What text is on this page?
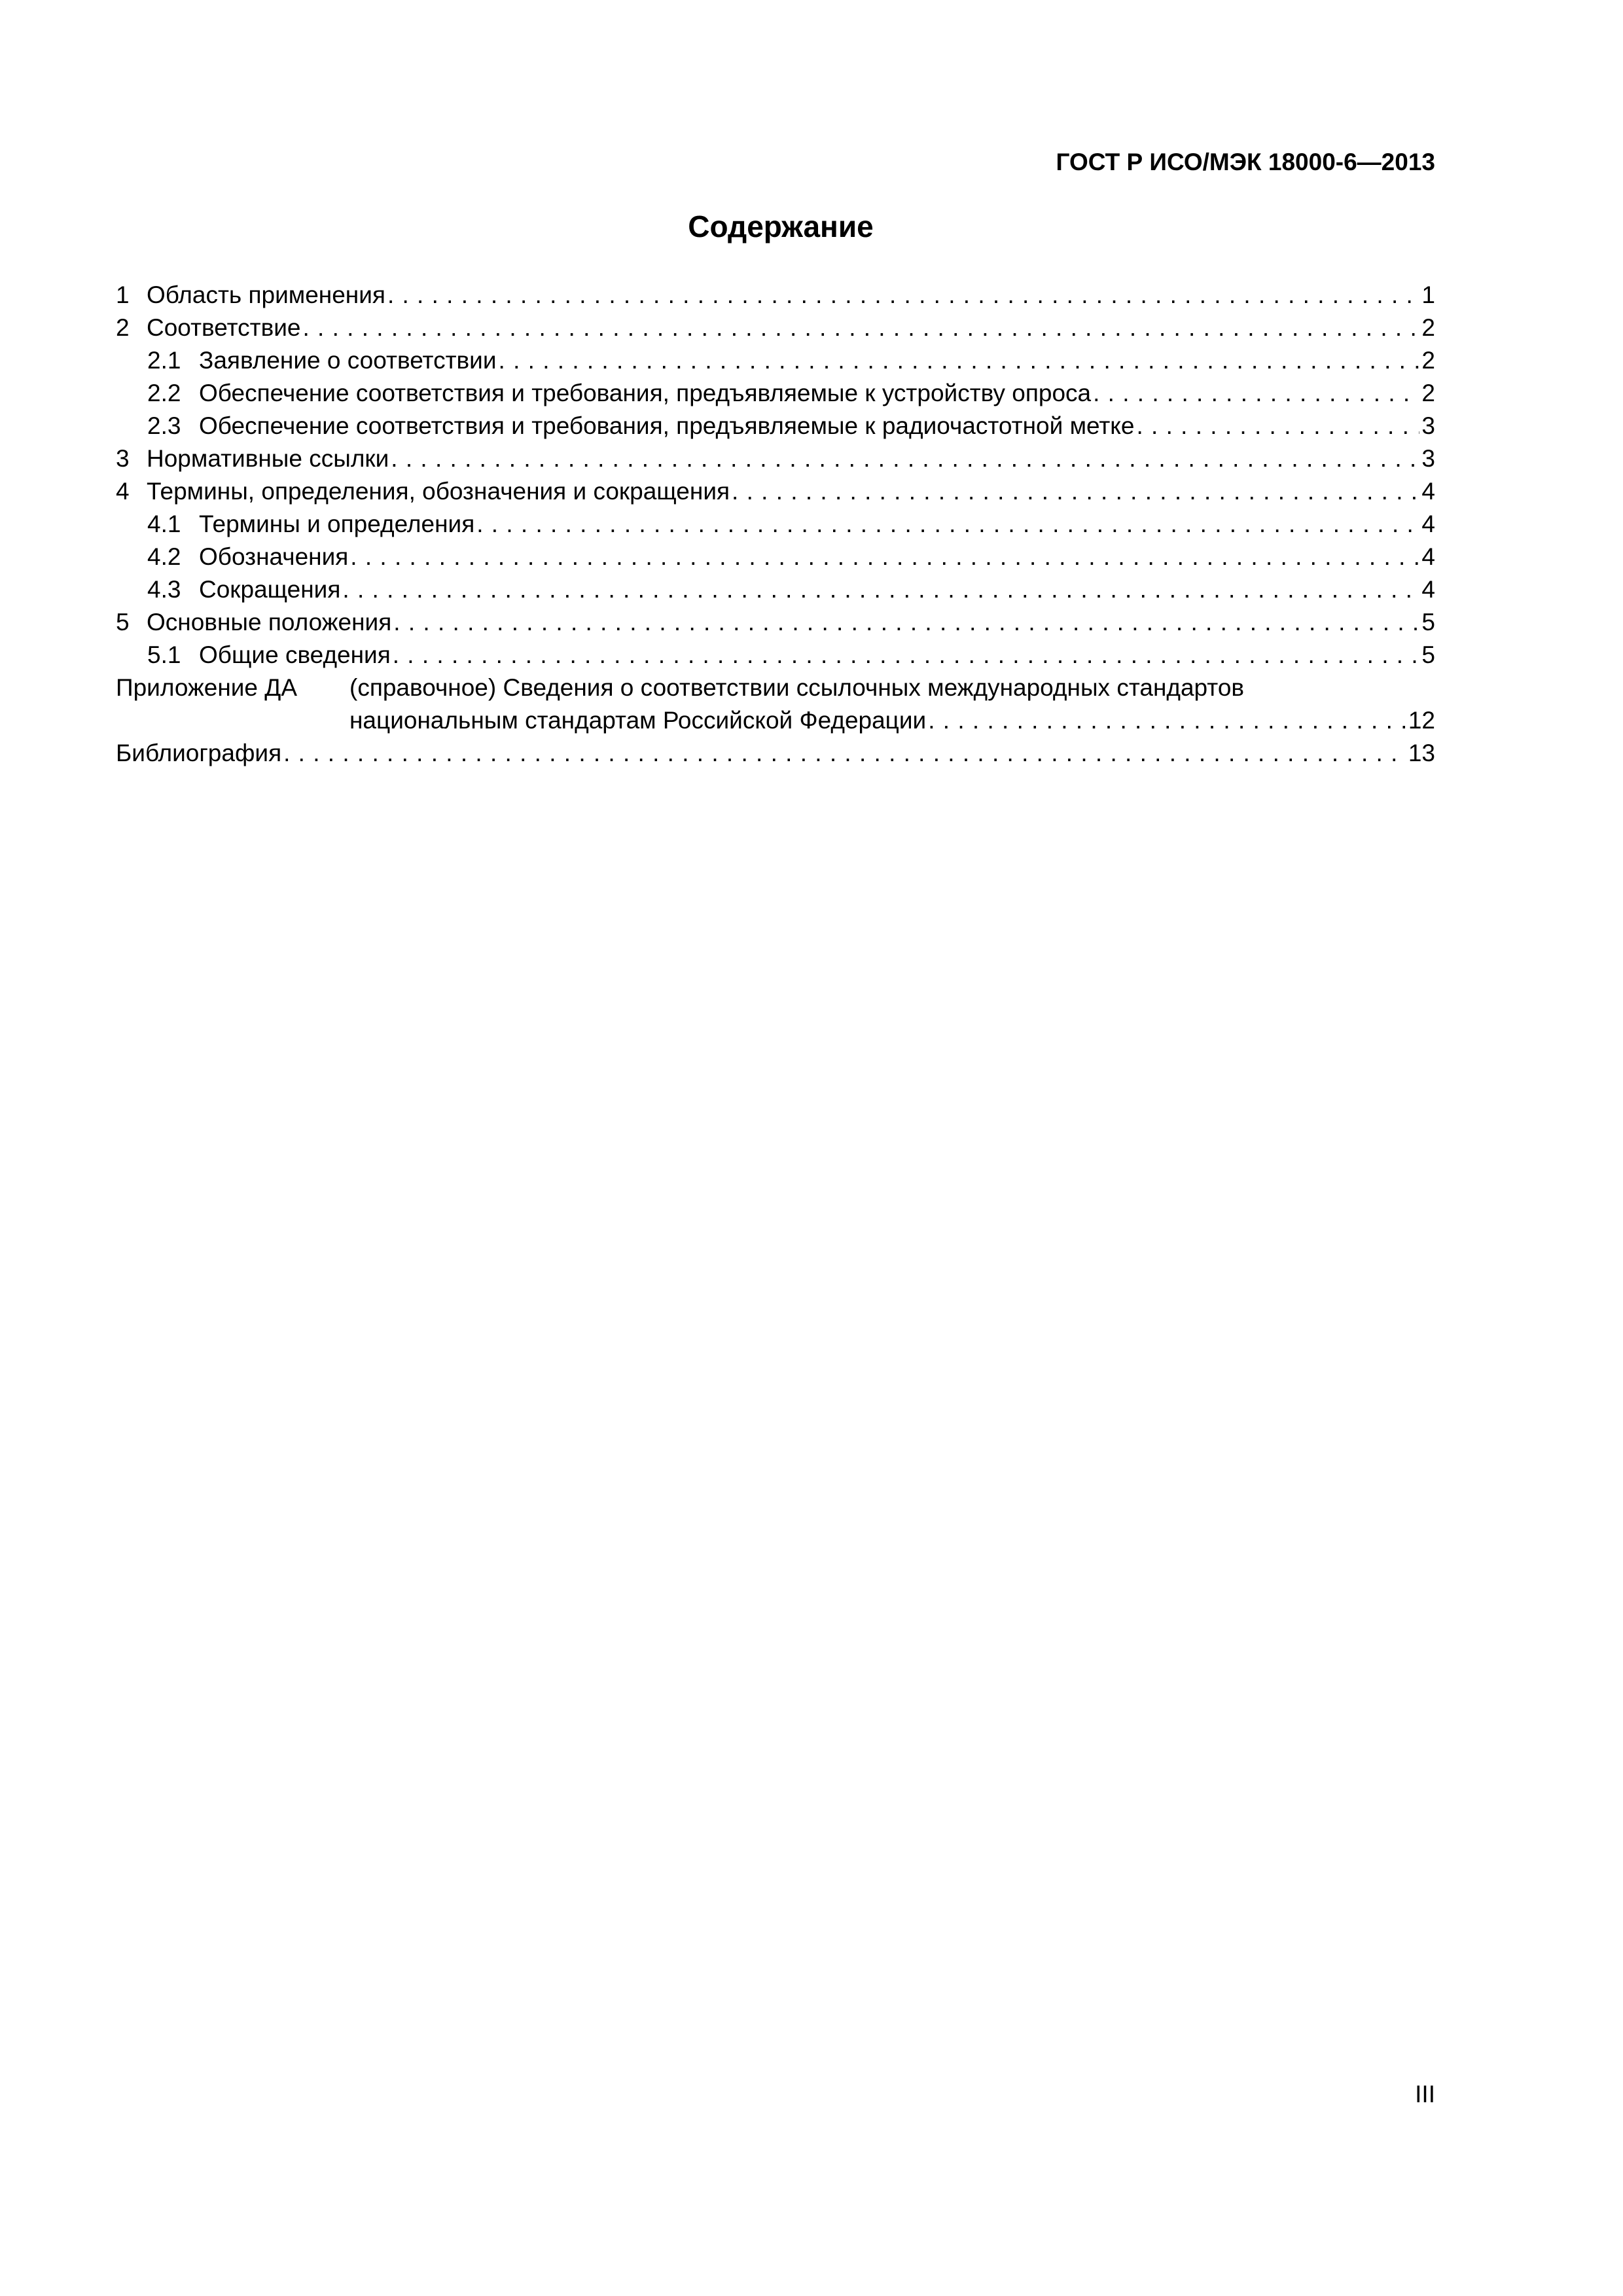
ГОСТ Р ИСО/МЭК 18000-6—2013
Содержание
1 Область применения . . .	1
2 Соответствие . . .	2
2.1 Заявление о соответствии . . .	2
2.2 Обеспечение соответствия и требования, предъявляемые к устройству опроса . . .	2
2.3 Обеспечение соответствия и требования, предъявляемые к радиочастотной метке . . .	3
3 Нормативные ссылки . . .	3
4 Термины, определения, обозначения и сокращения . . .	4
4.1 Термины и определения . . .	4
4.2 Обозначения . . .	4
4.3 Сокращения . . .	4
5 Основные положения . . .	5
5.1 Общие сведения . . .	5
Приложение ДА	(справочное) Сведения о соответствии ссылочных международных стандартов
национальным стандартам Российской Федерации . . .	12
Библиография . . .	13
III
